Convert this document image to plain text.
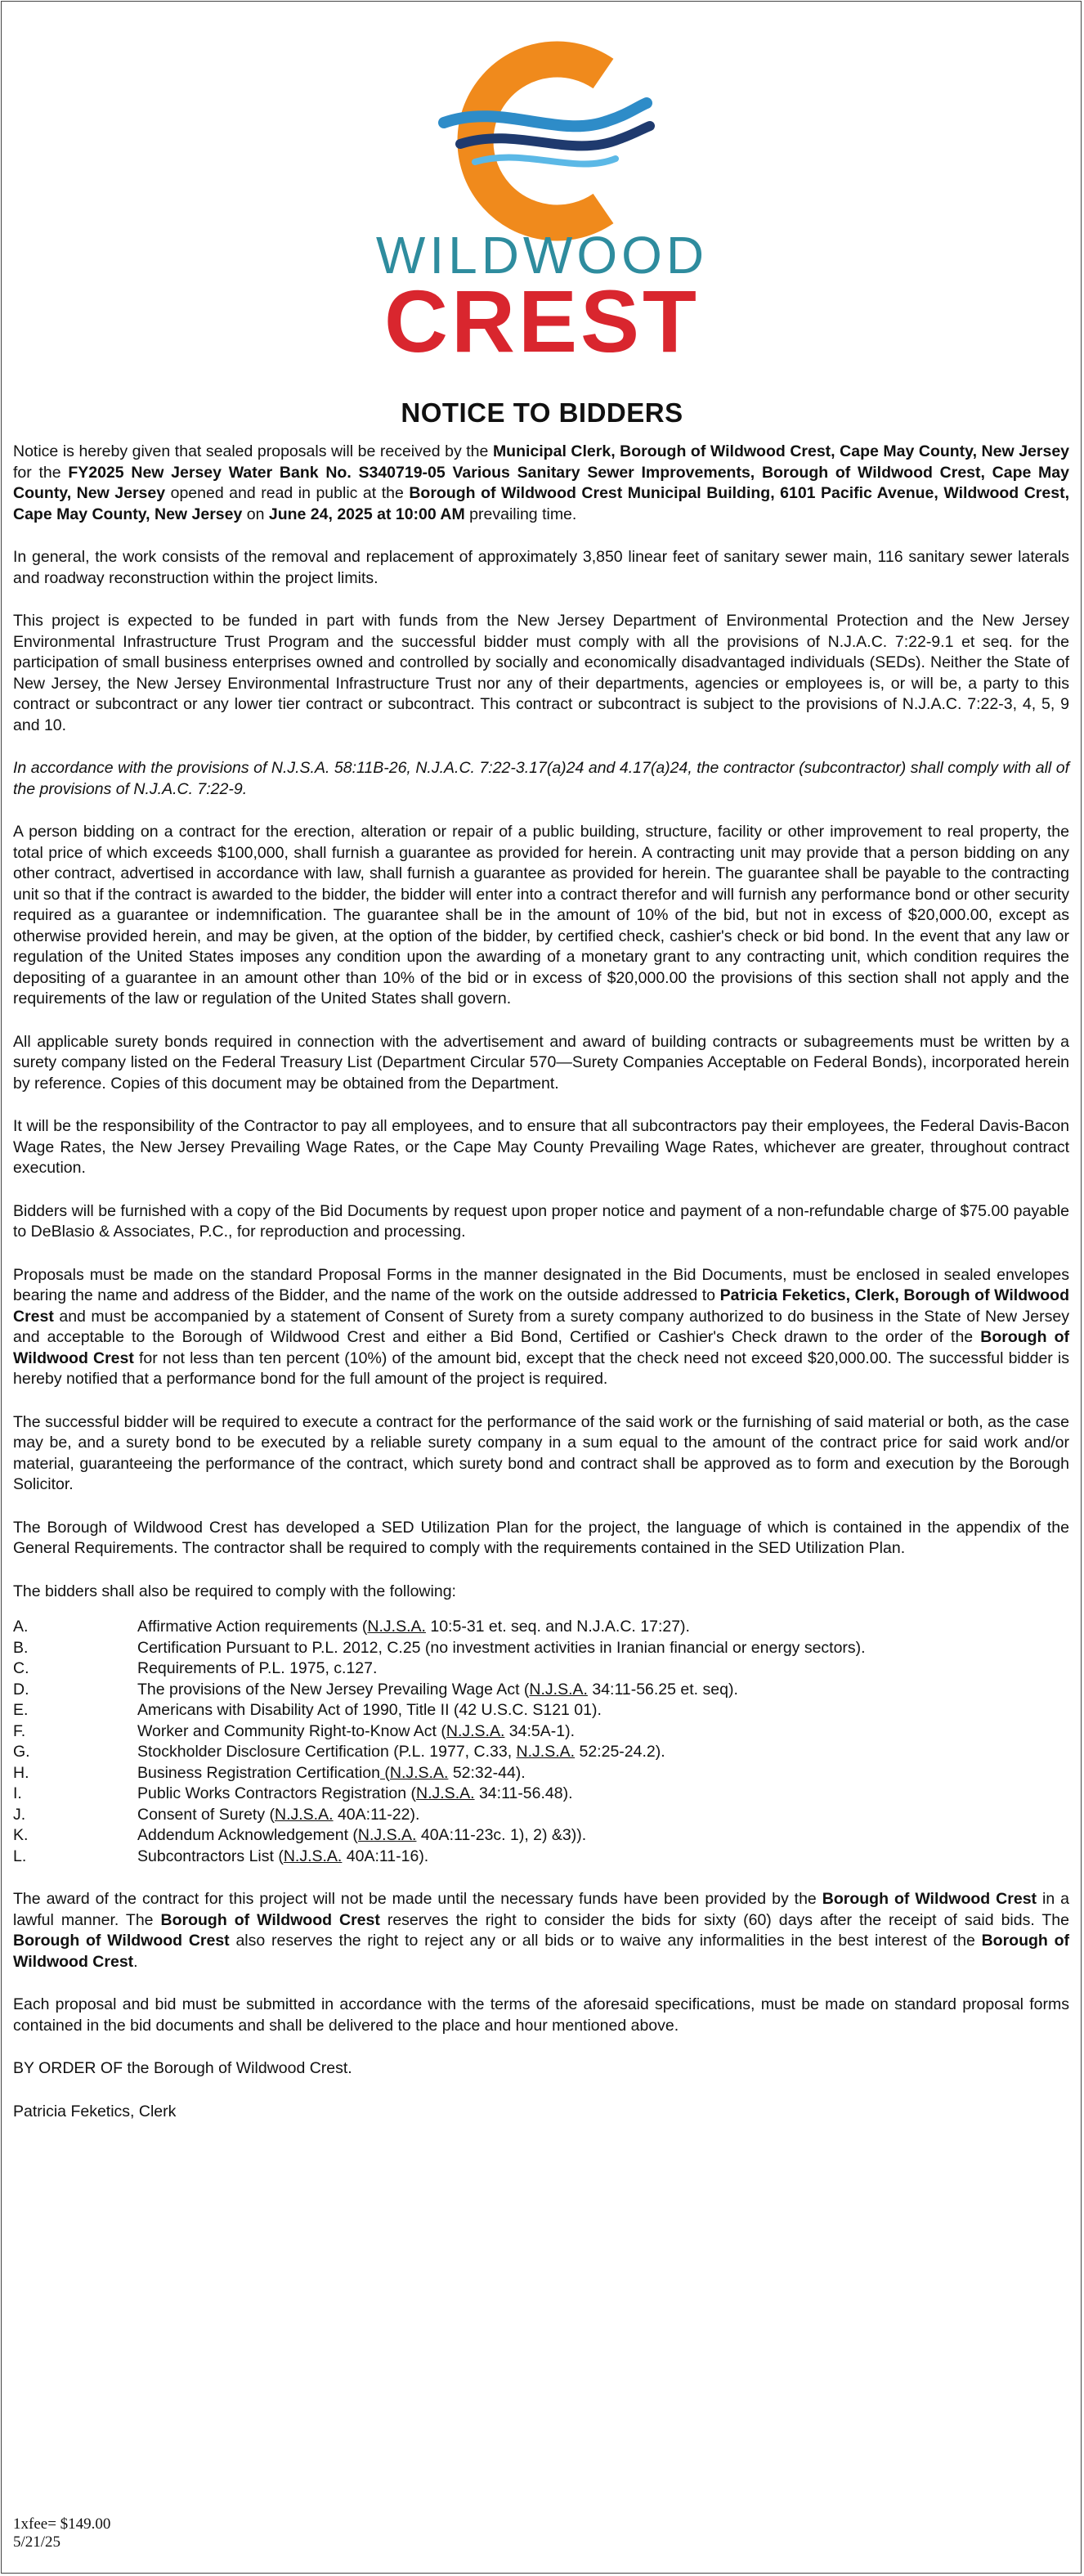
WILDWOOD
CREST
NOTICE TO BIDDERS

Notice is hereby given that sealed proposals will be received by the Municipal Clerk, Borough of Wildwood Crest, Cape May County, New Jersey for the FY2025 New Jersey Water Bank No. S340719-05 Various Sanitary Sewer Improvements, Borough of Wildwood Crest, Cape May County, New Jersey opened and read in public at the Borough of Wildwood Crest Municipal Building, 6101 Pacific Avenue, Wildwood Crest, Cape May County, New Jersey on June 24, 2025 at 10:00 AM prevailing time.

In general, the work consists of the removal and replacement of approximately 3,850 linear feet of sanitary sewer main, 116 sanitary sewer laterals and roadway reconstruction within the project limits.

This project is expected to be funded in part with funds from the New Jersey Department of Environmental Protection and the New Jersey Environmental Infrastructure Trust Program and the successful bidder must comply with all the provisions of N.J.A.C. 7:22-9.1 et seq. for the participation of small business enterprises owned and controlled by socially and economically disadvantaged individuals (SEDs). Neither the State of New Jersey, the New Jersey Environmental Infrastructure Trust nor any of their departments, agencies or employees is, or will be, a party to this contract or subcontract or any lower tier contract or subcontract. This contract or subcontract is subject to the provisions of N.J.A.C. 7:22-3, 4, 5, 9 and 10.

In accordance with the provisions of N.J.S.A. 58:11B-26, N.J.A.C. 7:22-3.17(a)24 and 4.17(a)24, the contractor (subcontractor) shall comply with all of the provisions of N.J.A.C. 7:22-9.

A person bidding on a contract for the erection, alteration or repair of a public building, structure, facility or other improvement to real property, the total price of which exceeds $100,000, shall furnish a guarantee as provided for herein. A contracting unit may provide that a person bidding on any other contract, advertised in accordance with law, shall furnish a guarantee as provided for herein. The guarantee shall be payable to the contracting unit so that if the contract is awarded to the bidder, the bidder will enter into a contract therefor and will furnish any performance bond or other security required as a guarantee or indemnification. The guarantee shall be in the amount of 10% of the bid, but not in excess of $20,000.00, except as otherwise provided herein, and may be given, at the option of the bidder, by certified check, cashier's check or bid bond. In the event that any law or regulation of the United States imposes any condition upon the awarding of a monetary grant to any contracting unit, which condition requires the depositing of a guarantee in an amount other than 10% of the bid or in excess of $20,000.00 the provisions of this section shall not apply and the requirements of the law or regulation of the United States shall govern.

All applicable surety bonds required in connection with the advertisement and award of building contracts or subagreements must be written by a surety company listed on the Federal Treasury List (Department Circular 570—Surety Companies Acceptable on Federal Bonds), incorporated herein by reference. Copies of this document may be obtained from the Department.

It will be the responsibility of the Contractor to pay all employees, and to ensure that all subcontractors pay their employees, the Federal Davis-Bacon Wage Rates, the New Jersey Prevailing Wage Rates, or the Cape May County Prevailing Wage Rates, whichever are greater, throughout contract execution.

Bidders will be furnished with a copy of the Bid Documents by request upon proper notice and payment of a non-refundable charge of $75.00 payable to DeBlasio & Associates, P.C., for reproduction and processing.

Proposals must be made on the standard Proposal Forms in the manner designated in the Bid Documents, must be enclosed in sealed envelopes bearing the name and address of the Bidder, and the name of the work on the outside addressed to Patricia Feketics, Clerk, Borough of Wildwood Crest and must be accompanied by a statement of Consent of Surety from a surety company authorized to do business in the State of New Jersey and acceptable to the Borough of Wildwood Crest and either a Bid Bond, Certified or Cashier's Check drawn to the order of the Borough of Wildwood Crest for not less than ten percent (10%) of the amount bid, except that the check need not exceed $20,000.00. The successful bidder is hereby notified that a performance bond for the full amount of the project is required.

The successful bidder will be required to execute a contract for the performance of the said work or the furnishing of said material or both, as the case may be, and a surety bond to be executed by a reliable surety company in a sum equal to the amount of the contract price for said work and/or material, guaranteeing the performance of the contract, which surety bond and contract shall be approved as to form and execution by the Borough Solicitor.

The Borough of Wildwood Crest has developed a SED Utilization Plan for the project, the language of which is contained in the appendix of the General Requirements. The contractor shall be required to comply with the requirements contained in the SED Utilization Plan.

The bidders shall also be required to comply with the following:

A.	Affirmative Action requirements (N.J.S.A. 10:5-31 et. seq. and N.J.A.C. 17:27).
B.	Certification Pursuant to P.L. 2012, C.25 (no investment activities in Iranian financial or energy sectors).
C.	Requirements of P.L. 1975, c.127.
D.	The provisions of the New Jersey Prevailing Wage Act (N.J.S.A. 34:11-56.25 et. seq).
E.	Americans with Disability Act of 1990, Title II (42 U.S.C. S121 01).
F.	Worker and Community Right-to-Know Act (N.J.S.A. 34:5A-1).
G.	Stockholder Disclosure Certification (P.L. 1977, C.33, N.J.S.A. 52:25-24.2).
H.	Business Registration Certification (N.J.S.A. 52:32-44).
I.	Public Works Contractors Registration (N.J.S.A. 34:11-56.48).
J.	Consent of Surety (N.J.S.A. 40A:11-22).
K.	Addendum Acknowledgement (N.J.S.A. 40A:11-23c. 1), 2) &3)).
L.	Subcontractors List (N.J.S.A. 40A:11-16).

The award of the contract for this project will not be made until the necessary funds have been provided by the Borough of Wildwood Crest in a lawful manner. The Borough of Wildwood Crest reserves the right to consider the bids for sixty (60) days after the receipt of said bids. The Borough of Wildwood Crest also reserves the right to reject any or all bids or to waive any informalities in the best interest of the Borough of Wildwood Crest.

Each proposal and bid must be submitted in accordance with the terms of the aforesaid specifications, must be made on standard proposal forms contained in the bid documents and shall be delivered to the place and hour mentioned above.

BY ORDER OF the Borough of Wildwood Crest.

Patricia Feketics, Clerk

1xfee= $149.00
5/21/25
